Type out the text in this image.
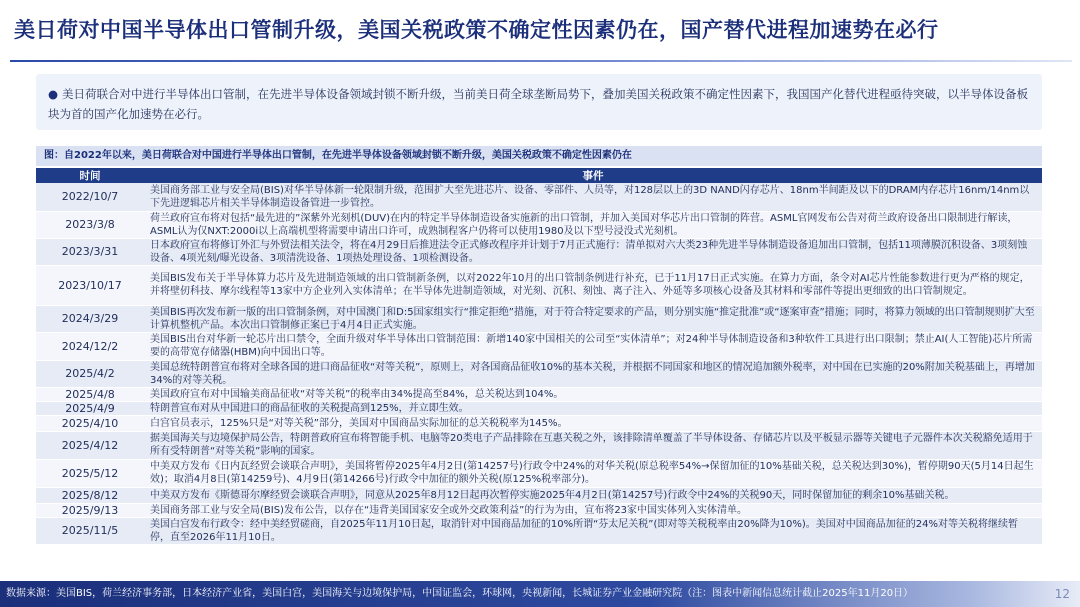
美日荷对中国半导体出口管制升级，美国关税政策不确定性因素仍在，国产替代进程加速势在必行
● 美日荷联合对中进行半导体出口管制，在先进半导体设备领域封锁不断升级，当前美日荷全球垄断局势下，叠加美国关税政策不确定性因素下，我国国产化替代进程亟待突破，以半导体设备板块为首的国产化加速势在必行。
图：自2022年以来，美日荷联合对中国进行半导体出口管制，在先进半导体设备领域封锁不断升级，美国关税政策不确定性因素仍在
时间	事件
2022/10/7	美国商务部工业与安全局(BIS)对华半导体新一轮限制升级，范围扩大至先进芯片、设备、零部件、人员等，对128层以上的3D NAND闪存芯片、18nm半间距及以下的DRAM内存芯片16nm/14nm以下先进逻辑芯片相关半导体制造设备管进一步管控。
2023/3/8	荷兰政府宣布将对包括“最先进的”深紫外光刻机(DUV)在内的特定半导体制造设备实施新的出口管制，并加入美国对华芯片出口管制的阵营。ASML官网发布公告对荷兰政府设备出口限制进行解读，ASML认为仅NXT:2000i以上高端机型将需要申请出口许可，成熟制程客户仍将可以使用1980及以下型号浸没式光刻机。
2023/3/31	日本政府宣布将修订外汇与外贸法相关法令，将在4月29日后推进法令正式修改程序并计划于7月正式施行：清单拟对六大类23种先进半导体制造设备追加出口管制，包括11项薄膜沉积设备、3项刻蚀设备、4项光刻/曝光设备、3项清洗设备、1项热处理设备、1项检测设备。
2023/10/17	美国BIS发布关于半导体算力芯片及先进制造领域的出口管制新条例，以对2022年10月的出口管制条例进行补充，已于11月17日正式实施。在算力方面，条令对AI芯片性能参数进行更为严格的规定，并将壁仞科技、摩尔线程等13家中方企业列入实体清单；在半导体先进制造领域，对光刻、沉积、刻蚀、离子注入、外延等多项核心设备及其材料和零部件等提出更细致的出口管制规定。
2024/3/29	美国BIS再次发布新一版的出口管制条例，对中国澳门和D:5国家组实行“推定拒绝”措施，对于符合特定要求的产品，则分别实施“推定批准”或“逐案审查”措施；同时，将算力领域的出口管制规则扩大至计算机整机产品。本次出口管制修正案已于4月4日正式实施。
2024/12/2	美国BIS出台对华新一轮芯片出口禁令，全面升级对华半导体出口管制范围：新增140家中国相关的公司至“实体清单”；对24种半导体制造设备和3种软件工具进行出口限制；禁止AI(人工智能)芯片所需要的高带宽存储器(HBM)向中国出口等。
2025/4/2	美国总统特朗普宣布将对全球各国的进口商品征收“对等关税”，原则上，对各国商品征收10%的基本关税，并根据不同国家和地区的情况追加额外税率，对中国在已实施的20%附加关税基础上，再增加34%的对等关税。
2025/4/8	美国政府宣布对中国输美商品征收“对等关税”的税率由34%提高至84%，总关税达到104%。
2025/4/9	特朗普宣布对从中国进口的商品征收的关税提高到125%，并立即生效。
2025/4/10	白宫官员表示，125%只是“对等关税”部分，美国对中国商品实际加征的总关税税率为145%。
2025/4/12	据美国海关与边境保护局公告，特朗普政府宣布将智能手机、电脑等20类电子产品排除在互惠关税之外，该排除清单覆盖了半导体设备、存储芯片以及平板显示器等关键电子元器件本次关税豁免适用于所有受特朗普“对等关税”影响的国家。
2025/5/12	中美双方发布《日内瓦经贸会谈联合声明》，美国将暂停2025年4月2日(第14257号)行政令中24%的对华关税(原总税率54%→保留加征的10%基础关税，总关税达到30%)，暂停期90天(5月14日起生效)；取消4月8日(第14259号)、4月9日(第14266号)行政令中加征的额外关税(原125%税率部分)。
2025/8/12	中美双方发布《斯德哥尔摩经贸会谈联合声明》，同意从2025年8月12日起再次暂停实施2025年4月2日(第14257号)行政令中24%的关税90天，同时保留加征的剩余10%基础关税。
2025/9/13	美国商务部工业与安全局(BIS)发布公告，以存在“违背美国国家安全或外交政策利益”的行为为由，宣布将23家中国实体列入实体清单。
2025/11/5	美国白宫发布行政令：经中美经贸磋商，自2025年11月10日起，取消针对中国商品加征的10%所谓“芬太尼关税”(即对等关税税率由20%降为10%)。美国对中国商品加征的24%对等关税将继续暂停，直至2026年11月10日。
数据来源：美国BIS，荷兰经济事务部，日本经济产业省，美国白宫，美国海关与边境保护局，中国证监会，环球网，央视新闻，长城证券产业金融研究院（注：图表中新闻信息统计截止2025年11月20日）	12
